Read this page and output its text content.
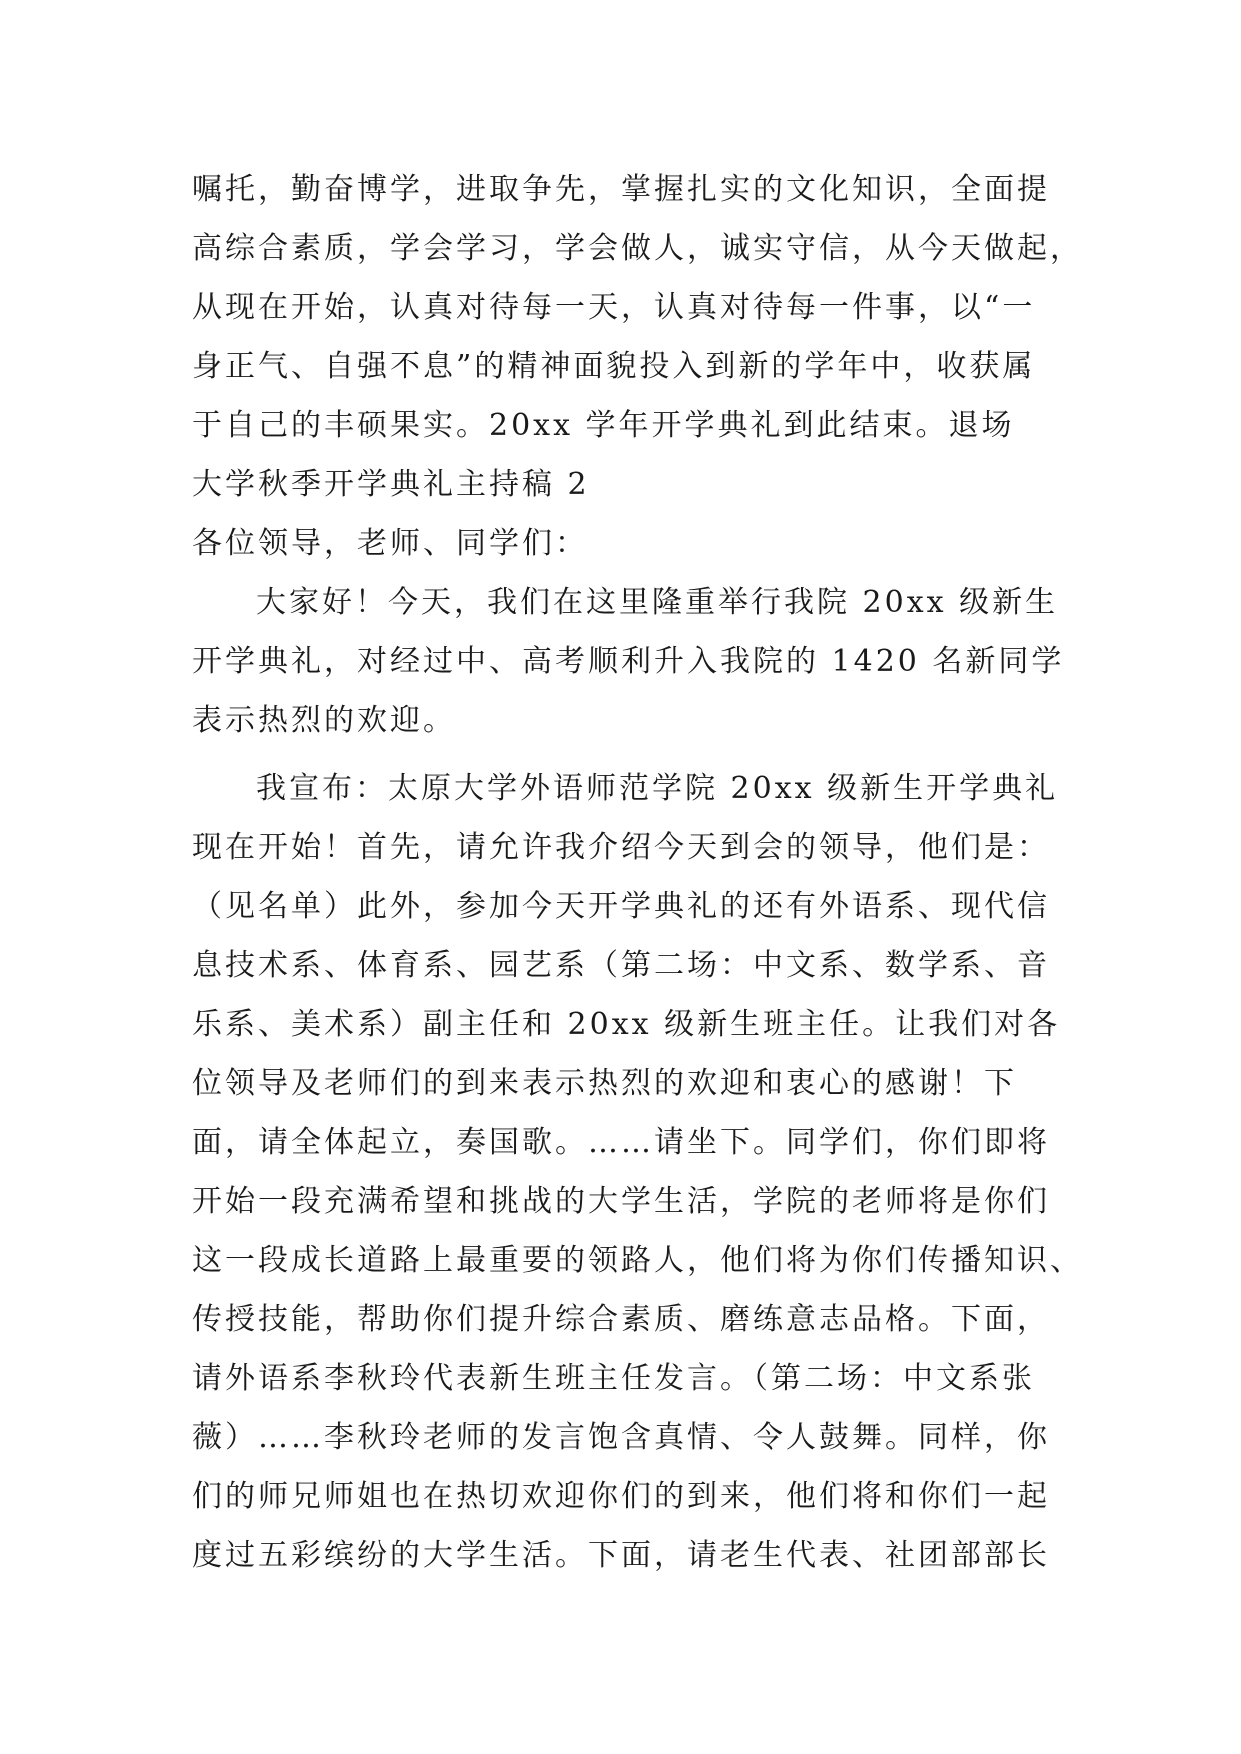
嘱托，勤奋博学，进取争先，掌握扎实的文化知识，全面提
高综合素质，学会学习，学会做人，诚实守信，从今天做起，
从现在开始，认真对待每一天，认真对待每一件事，以“一
身正气、自强不息”的精神面貌投入到新的学年中，收获属
于自己的丰硕果实。20xx 学年开学典礼到此结束。退场
大学秋季开学典礼主持稿 2
各位领导，老师、同学们：
大家好！今天，我们在这里隆重举行我院 20xx 级新生
开学典礼，对经过中、高考顺利升入我院的 1420 名新同学
表示热烈的欢迎。
我宣布：太原大学外语师范学院 20xx 级新生开学典礼
现在开始！首先，请允许我介绍今天到会的领导，他们是：
（见名单）此外，参加今天开学典礼的还有外语系、现代信
息技术系、体育系、园艺系（第二场：中文系、数学系、音
乐系、美术系）副主任和 20xx 级新生班主任。让我们对各
位领导及老师们的到来表示热烈的欢迎和衷心的感谢！下
面，请全体起立，奏国歌。……请坐下。同学们，你们即将
开始一段充满希望和挑战的大学生活，学院的老师将是你们
这一段成长道路上最重要的领路人，他们将为你们传播知识、
传授技能，帮助你们提升综合素质、磨练意志品格。下面，
请外语系李秋玲代表新生班主任发言。（第二场：中文系张
薇）……李秋玲老师的发言饱含真情、令人鼓舞。同样，你
们的师兄师姐也在热切欢迎你们的到来，他们将和你们一起
度过五彩缤纷的大学生活。下面，请老生代表、社团部部长
